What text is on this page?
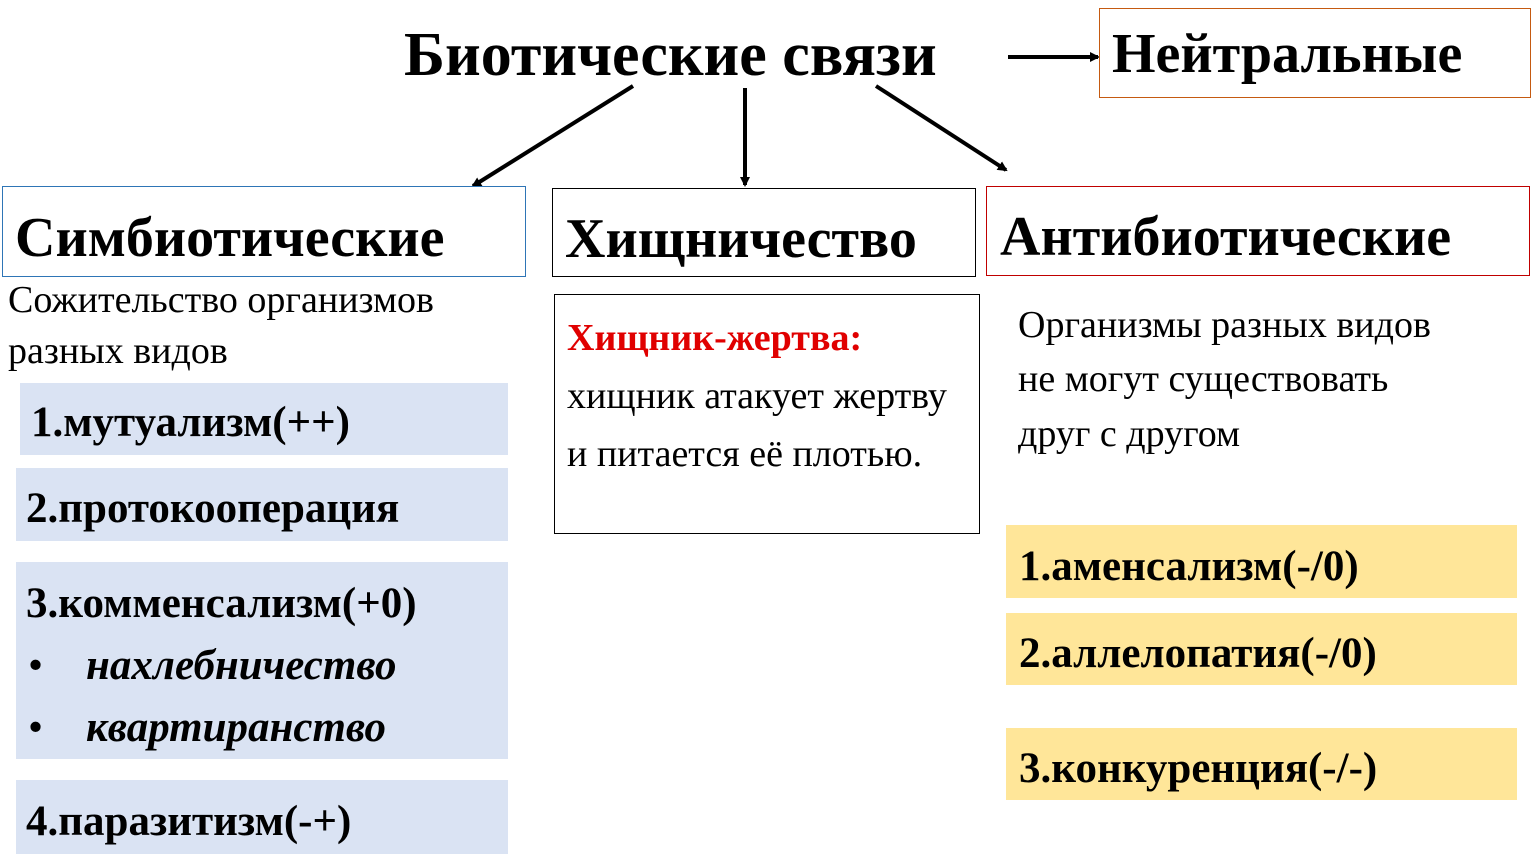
Биотические связи	Нейтральные
Симбиотические
Сожительство организмов разных видов
1.мутуализм(++)
2.протокооперация
3.комменсализм(+0)
• нахлебничество
• квартиранство
4.паразитизм(-+)
Хищничество
Хищник-жертва: хищник атакует жертву и питается её плотью.
Антибиотические
Организмы разных видов не могут существовать друг с другом
1.аменсализм(-/0)
2.аллелопатия(-/0)
3.конкуренция(-/-)
